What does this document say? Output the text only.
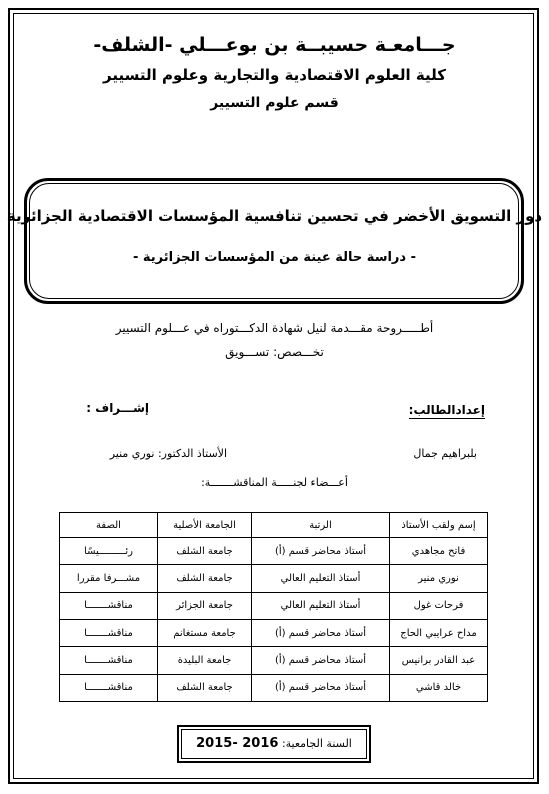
جـــامعـة حسيبــة بن بوعـــلي -الشلف-
كلية العلوم الاقتصادية والتجارية وعلوم التسيير
قسم علوم التسيير
دور التسويق الأخضر في تحسين تنافسية المؤسسات الاقتصادية الجزائرية
- دراسة حالة عينة من المؤسسات الجزائرية -
أطـــــروحة مقـــدمة لنيل شهادة الدكـــتوراه في عـــلوم التسيير
تخـــصص: تســـويق
إعدادالطالب:
إشـــراف :
بلبراهيم جمال
الأستاذ الدكتور: نوري منير
أعـــضاء لجنـــــة المناقشـــــــة:
إسم ولقب الأستاذ	الرتبة	الجامعة الأصلية	الصفة
فاتح مجاهدي	أستاذ محاضر قسم (أ)	جامعة الشلف	رئـــــــــيسًا
نوري منير	أستاذ التعليم العالي	جامعة الشلف	مشـــرفا مقررا
فرحات غول	أستاذ التعليم العالي	جامعة الجزائر	مناقشـــــــا
مداح عرايبي الحاج	أستاذ محاضر قسم (أ)	جامعة مستغانم	مناقشـــــــا
عبد القادر برانيس	أستاذ محاضر قسم (أ)	جامعة البليدة	مناقشـــــــا
خالد قاشي	أستاذ محاضر قسم (أ)	جامعة الشلف	مناقشـــــــا
السنة الجامعية: 2015- 2016
